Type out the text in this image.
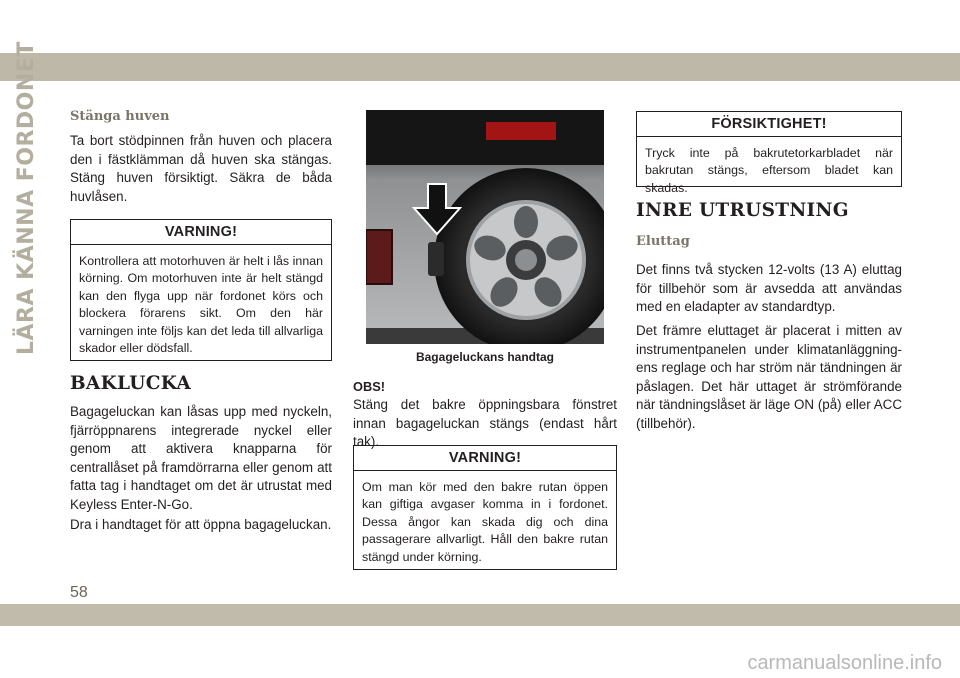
LÄRA KÄNNA FORDONET
58
carmanualsonline.info
Stänga huven

Ta bort stödpinnen från huven och placera den i fästklämman då huven ska stängas. Stäng huven försiktigt. Säkra de båda huvlåsen.

VARNING!

Kontrollera att motorhuven är helt i lås innan körning. Om motorhuven inte är helt stängd kan den flyga upp när fordonet körs och blockera förarens sikt. Om den här varningen inte följs kan det leda till allvarliga skador eller dödsfall.

BAKLUCKA

Bagageluckan kan låsas upp med nyckeln, fjärröppnarens integrerade nyckel eller genom att aktivera knapparna för centrallåset på framdörrarna eller genom att fatta tag i handtaget om det är utrustat med Keyless Enter-N-Go.

Dra i handtaget för att öppna bagageluckan.

Bagageluckans handtag
OBS!

Stäng det bakre öppningsbara fönstret innan bagageluckan stängs (endast hårt tak).

VARNING!

Om man kör med den bakre rutan öppen kan giftiga avgaser komma in i fordonet. Dessa ångor kan skada dig och dina passagerare allvarligt. Håll den bakre rutan stängd under körning.

FÖRSIKTIGHET!

Tryck inte på bakrutetorkarbladet när bakrutan stängs, eftersom bladet kan skadas.

INRE UTRUSTNING
Eluttag

Det finns två stycken 12-volts (13 A) eluttag för tillbehör som är avsedda att användas med en eladapter av standardtyp.

Det främre eluttaget är placerat i mitten av instrumentpanelen under klimatanläggning-ens reglage och har ström när tändningen är påslagen. Det här uttaget är strömförande när tändningslåset är läge ON (på) eller ACC (tillbehör).
